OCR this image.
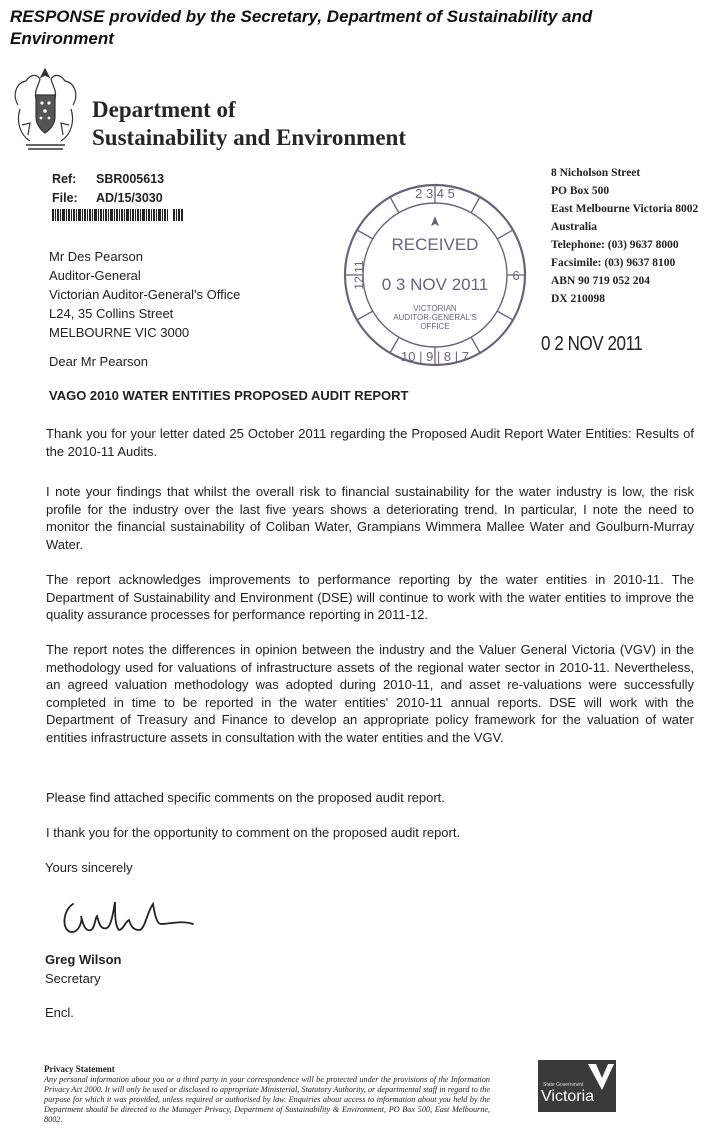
RESPONSE provided by the Secretary, Department of Sustainability and Environment
Department of
Sustainability and Environment
Ref: SBR005613
File: AD/15/3030
8 Nicholson Street
PO Box 500
East Melbourne Victoria 8002
Australia
Telephone: (03) 9637 8000
Facsimile: (03) 9637 8100
ABN 90 719 052 204
DX 210098
2 3 4 5
6
10 | 9 | 8 | 7
12 11
RECEIVED
0 3 NOV 2011
VICTORIAN
AUDITOR-GENERAL'S
OFFICE
Mr Des Pearson
Auditor-General
Victorian Auditor-General's Office
L24, 35 Collins Street
MELBOURNE VIC 3000
0 2 NOV 2011
Dear Mr Pearson
VAGO 2010 WATER ENTITIES PROPOSED AUDIT REPORT

Thank you for your letter dated 25 October 2011 regarding the Proposed Audit Report Water Entities: Results of the 2010-11 Audits.

I note your findings that whilst the overall risk to financial sustainability for the water industry is low, the risk profile for the industry over the last five years shows a deteriorating trend. In particular, I note the need to monitor the financial sustainability of Coliban Water, Grampians Wimmera Mallee Water and Goulburn-Murray Water.

The report acknowledges improvements to performance reporting by the water entities in 2010-11. The Department of Sustainability and Environment (DSE) will continue to work with the water entities to improve the quality assurance processes for performance reporting in 2011-12.

The report notes the differences in opinion between the industry and the Valuer General Victoria (VGV) in the methodology used for valuations of infrastructure assets of the regional water sector in 2010-11. Nevertheless, an agreed valuation methodology was adopted during 2010-11, and asset re-valuations were successfully completed in time to be reported in the water entities' 2010-11 annual reports. DSE will work with the Department of Treasury and Finance to develop an appropriate policy framework for the valuation of water entities infrastructure assets in consultation with the water entities and the VGV.

Please find attached specific comments on the proposed audit report.

I thank you for the opportunity to comment on the proposed audit report.

Yours sincerely
Greg Wilson
Secretary
Encl.
Privacy Statement

Any personal information about you or a third party in your correspondence will be protected under the provisions of the Information Privacy Act 2000. It will only be used or disclosed to appropriate Ministerial, Statutory Authority, or departmental staff in regard to the purpose for which it was provided, unless required or authorised by law. Enquiries about access to information about you held by the Department should be directed to the Manager Privacy, Department of Sustainability & Environment, PO Box 500, East Melbourne, 8002.

State Government
Victoria
